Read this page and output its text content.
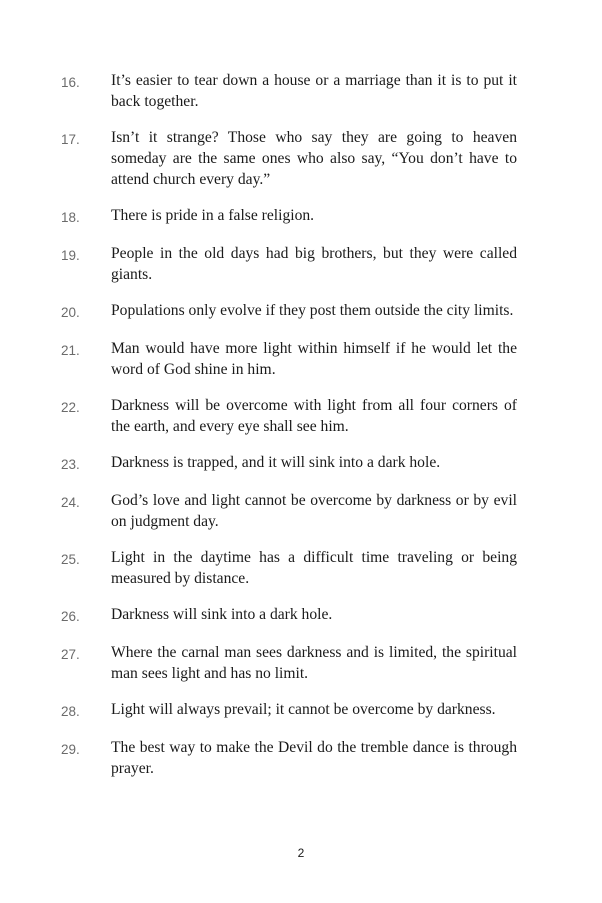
16.	It’s easier to tear down a house or a marriage than it is to put it back together.
17.	Isn’t it strange? Those who say they are going to heaven someday are the same ones who also say, “You don’t have to attend church every day.”
18.	There is pride in a false religion.
19.	People in the old days had big brothers, but they were called giants.
20.	Populations only evolve if they post them outside the city limits.
21.	Man would have more light within himself if he would let the word of God shine in him.
22.	Darkness will be overcome with light from all four corners of the earth, and every eye shall see him.
23.	Darkness is trapped, and it will sink into a dark hole.
24.	God’s love and light cannot be overcome by darkness or by evil on judgment day.
25.	Light in the daytime has a difficult time traveling or being measured by distance.
26.	Darkness will sink into a dark hole.
27.	Where the carnal man sees darkness and is limited, the spiritual man sees light and has no limit.
28.	Light will always prevail; it cannot be overcome by darkness.
29.	The best way to make the Devil do the tremble dance is through prayer.
2
